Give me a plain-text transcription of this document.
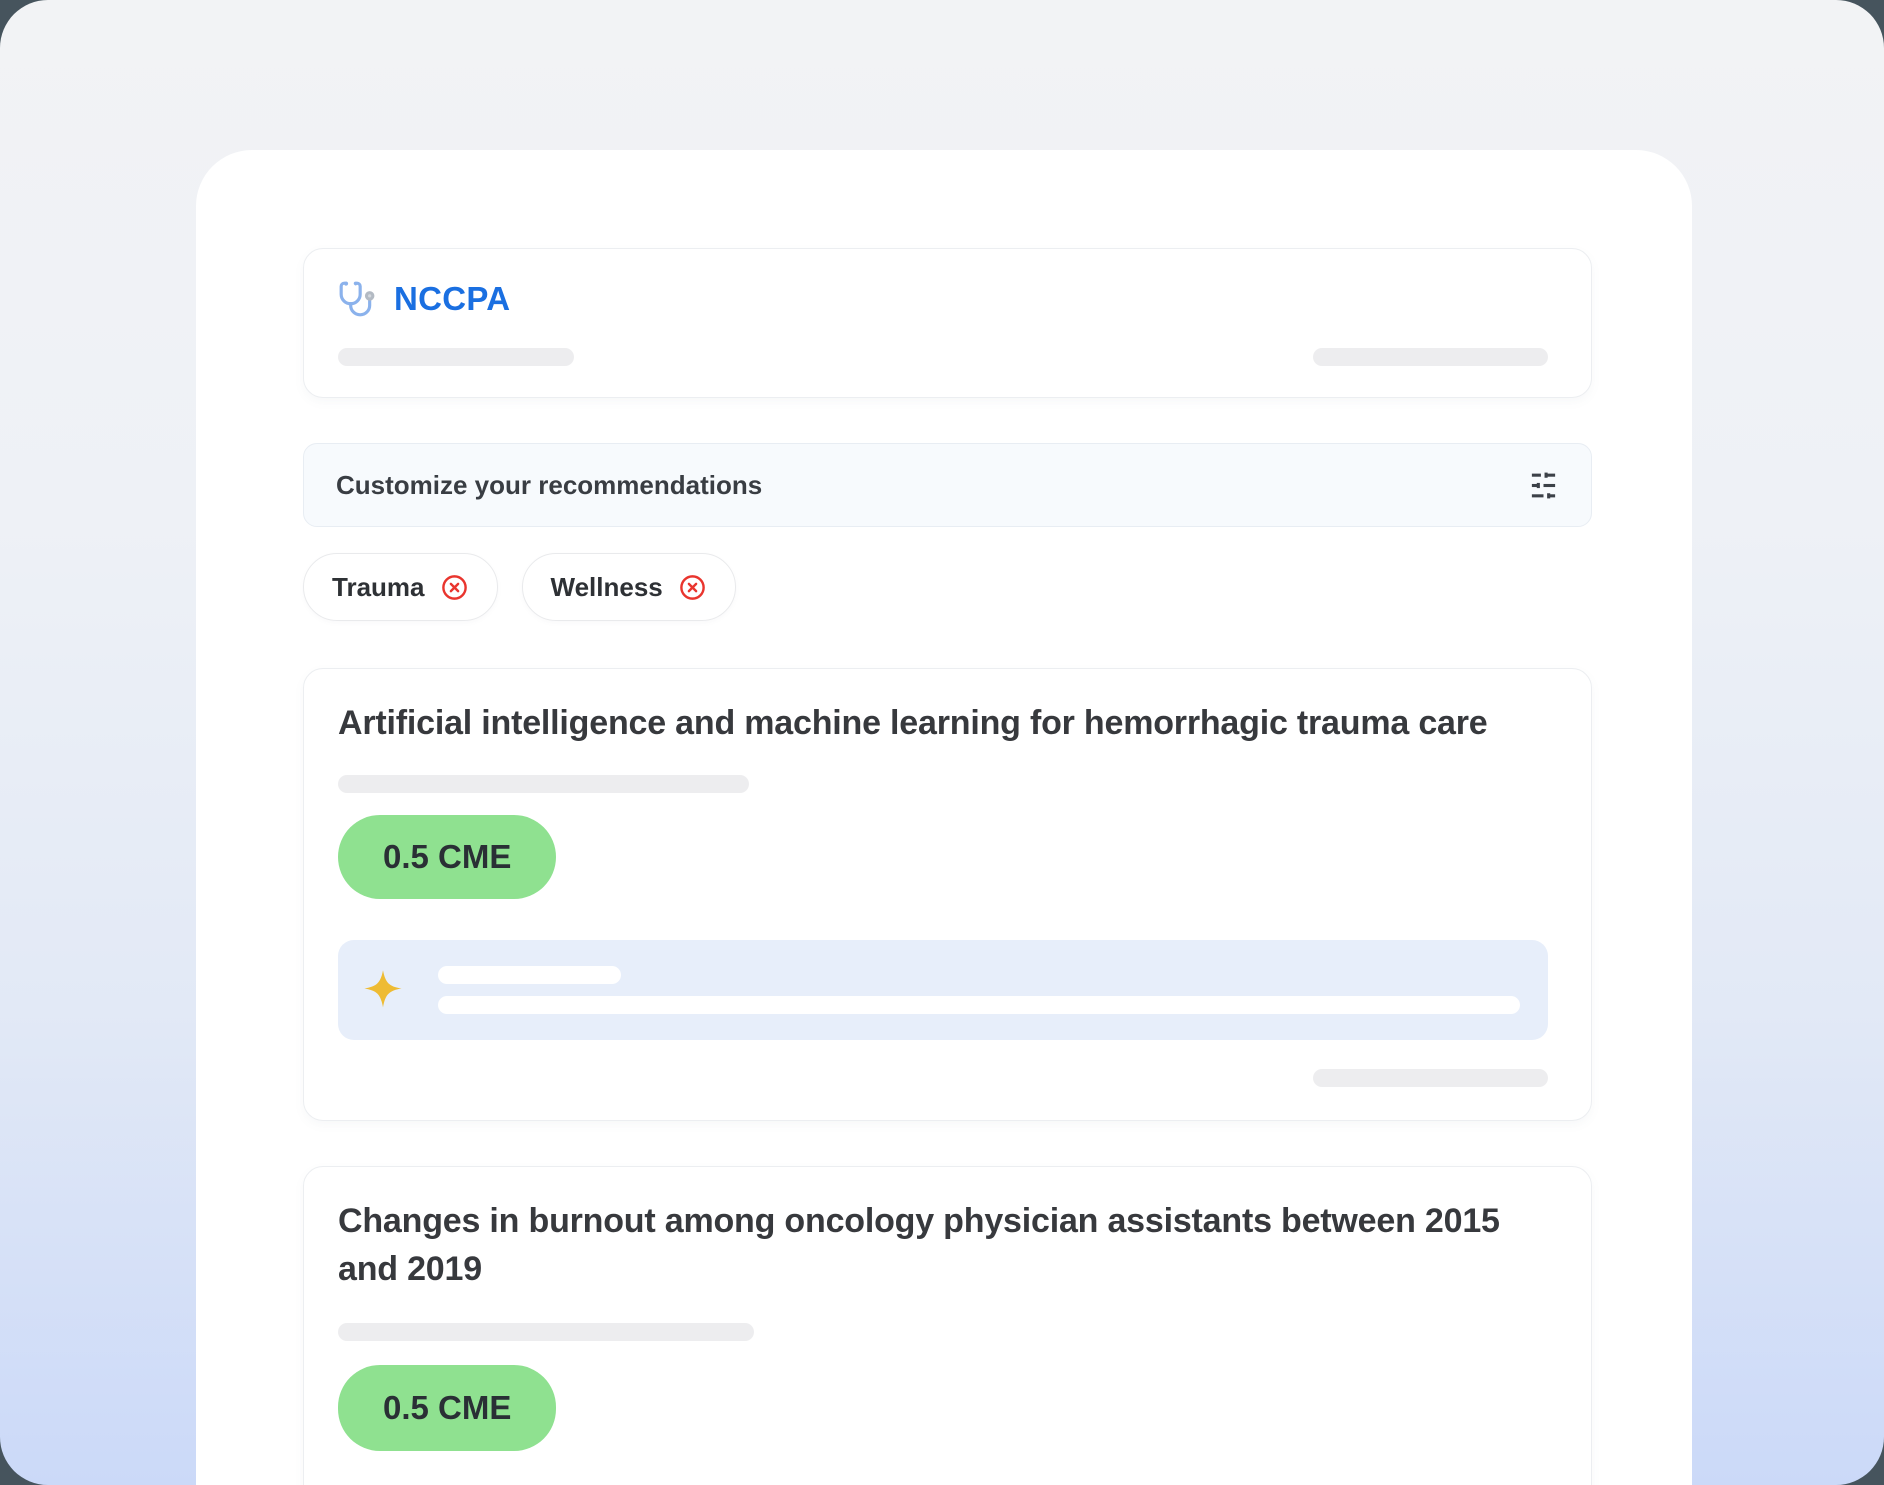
NCCPA
Customize your recommendations
Trauma	Wellness
Artificial intelligence and machine learning for hemorrhagic trauma care
0.5 CME
Changes in burnout among oncology physician assistants between 2015 and 2019
0.5 CME
